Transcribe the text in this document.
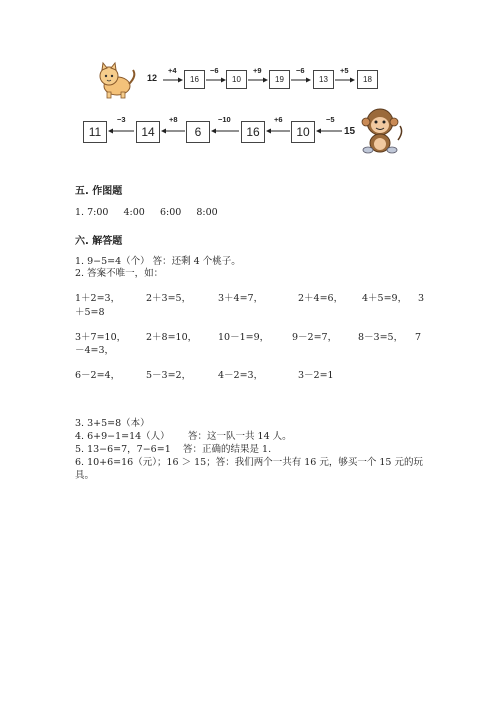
12
+4
16
−6
10
+9
19
−6
13
+5
18
11
−3
14
+8
6
−10
16
+6
10
−5
15
五. 作图题
1. 7:00     4:00     6:00     8:00
六. 解答题
1. 9−5=4（个） 答：还剩 4 个桃子。
2. 答案不唯一，如：
1＋2=3，	2＋3=5，	3＋4=7，	2＋4=6， 4＋5=9， 3
＋5=8
3＋7=10， 2＋8=10， 10－1=9， 9－2=7， 8－3=5， 7
－4=3，
6－2=4，	5－3=2，	4－2=3，	3－2=1
3. 3+5=8（本）
4. 6+9−1=14（人） 答：这一队一共 14 人。
5. 13−6=7，7−6=1 答：正确的结果是 1.
6. 10+6=16（元）；16 ＞ 15；答：我们两个一共有 16 元，够买一个 15 元的玩
具。
